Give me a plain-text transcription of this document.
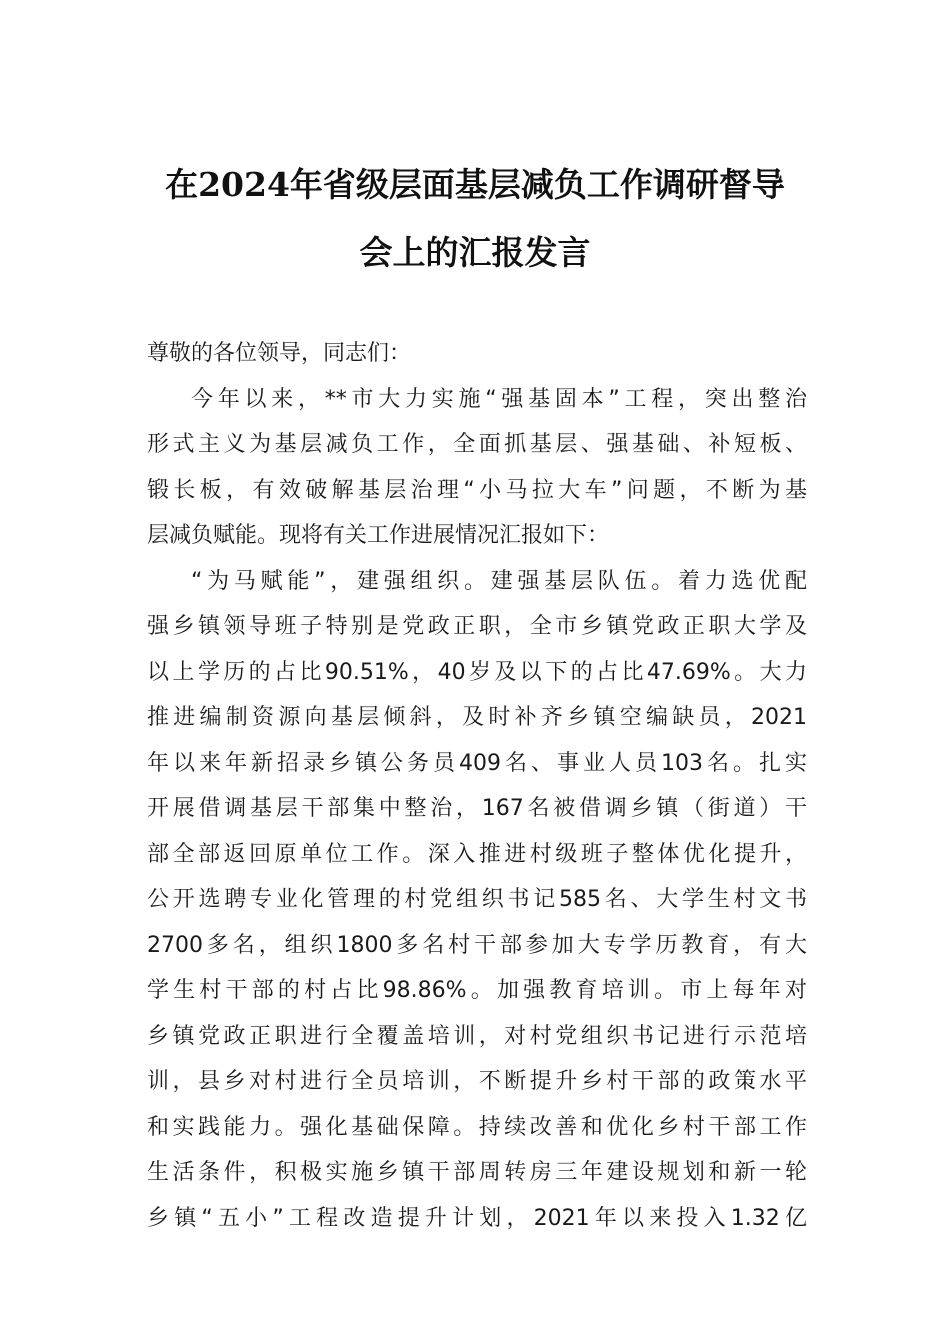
在2024年省级层面基层减负工作调研督导
会上的汇报发言
尊敬的各位领导，同志们：
今年以来，**市大力实施“强基固本”工程，突出整治
形式主义为基层减负工作，全面抓基层、强基础、补短板、
锻长板，有效破解基层治理“小马拉大车”问题，不断为基
层减负赋能。现将有关工作进展情况汇报如下：
“为马赋能”，建强组织。建强基层队伍。着力选优配
强乡镇领导班子特别是党政正职，全市乡镇党政正职大学及
以上学历的占比90.51%，40岁及以下的占比47.69%。大力
推进编制资源向基层倾斜，及时补齐乡镇空编缺员，2021
年以来年新招录乡镇公务员409名、事业人员103名。扎实
开展借调基层干部集中整治，167名被借调乡镇（街道）干
部全部返回原单位工作。深入推进村级班子整体优化提升，
公开选聘专业化管理的村党组织书记585名、大学生村文书
2700多名，组织1800多名村干部参加大专学历教育，有大
学生村干部的村占比98.86%。加强教育培训。市上每年对
乡镇党政正职进行全覆盖培训，对村党组织书记进行示范培
训，县乡对村进行全员培训，不断提升乡村干部的政策水平
和实践能力。强化基础保障。持续改善和优化乡村干部工作
生活条件，积极实施乡镇干部周转房三年建设规划和新一轮
乡镇“五小”工程改造提升计划，2021年以来投入1.32亿
